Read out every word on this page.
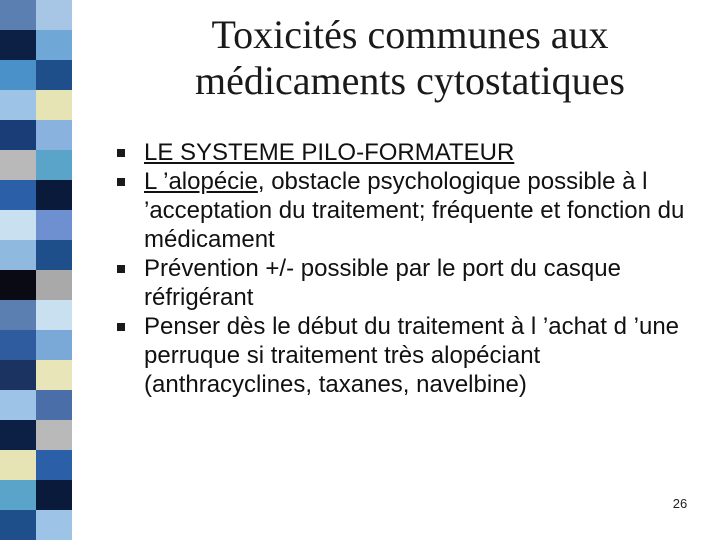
Toxicités communes aux
médicaments cytostatiques
LE SYSTEME PILO-FORMATEUR
L ’alopécie, obstacle psychologique possible à l ’acceptation du traitement; fréquente et fonction du médicament
Prévention +/- possible par le port du casque réfrigérant
Penser dès le début du traitement à l ’achat d ’une perruque si traitement très alopéciant (anthracyclines, taxanes, navelbine)
26
